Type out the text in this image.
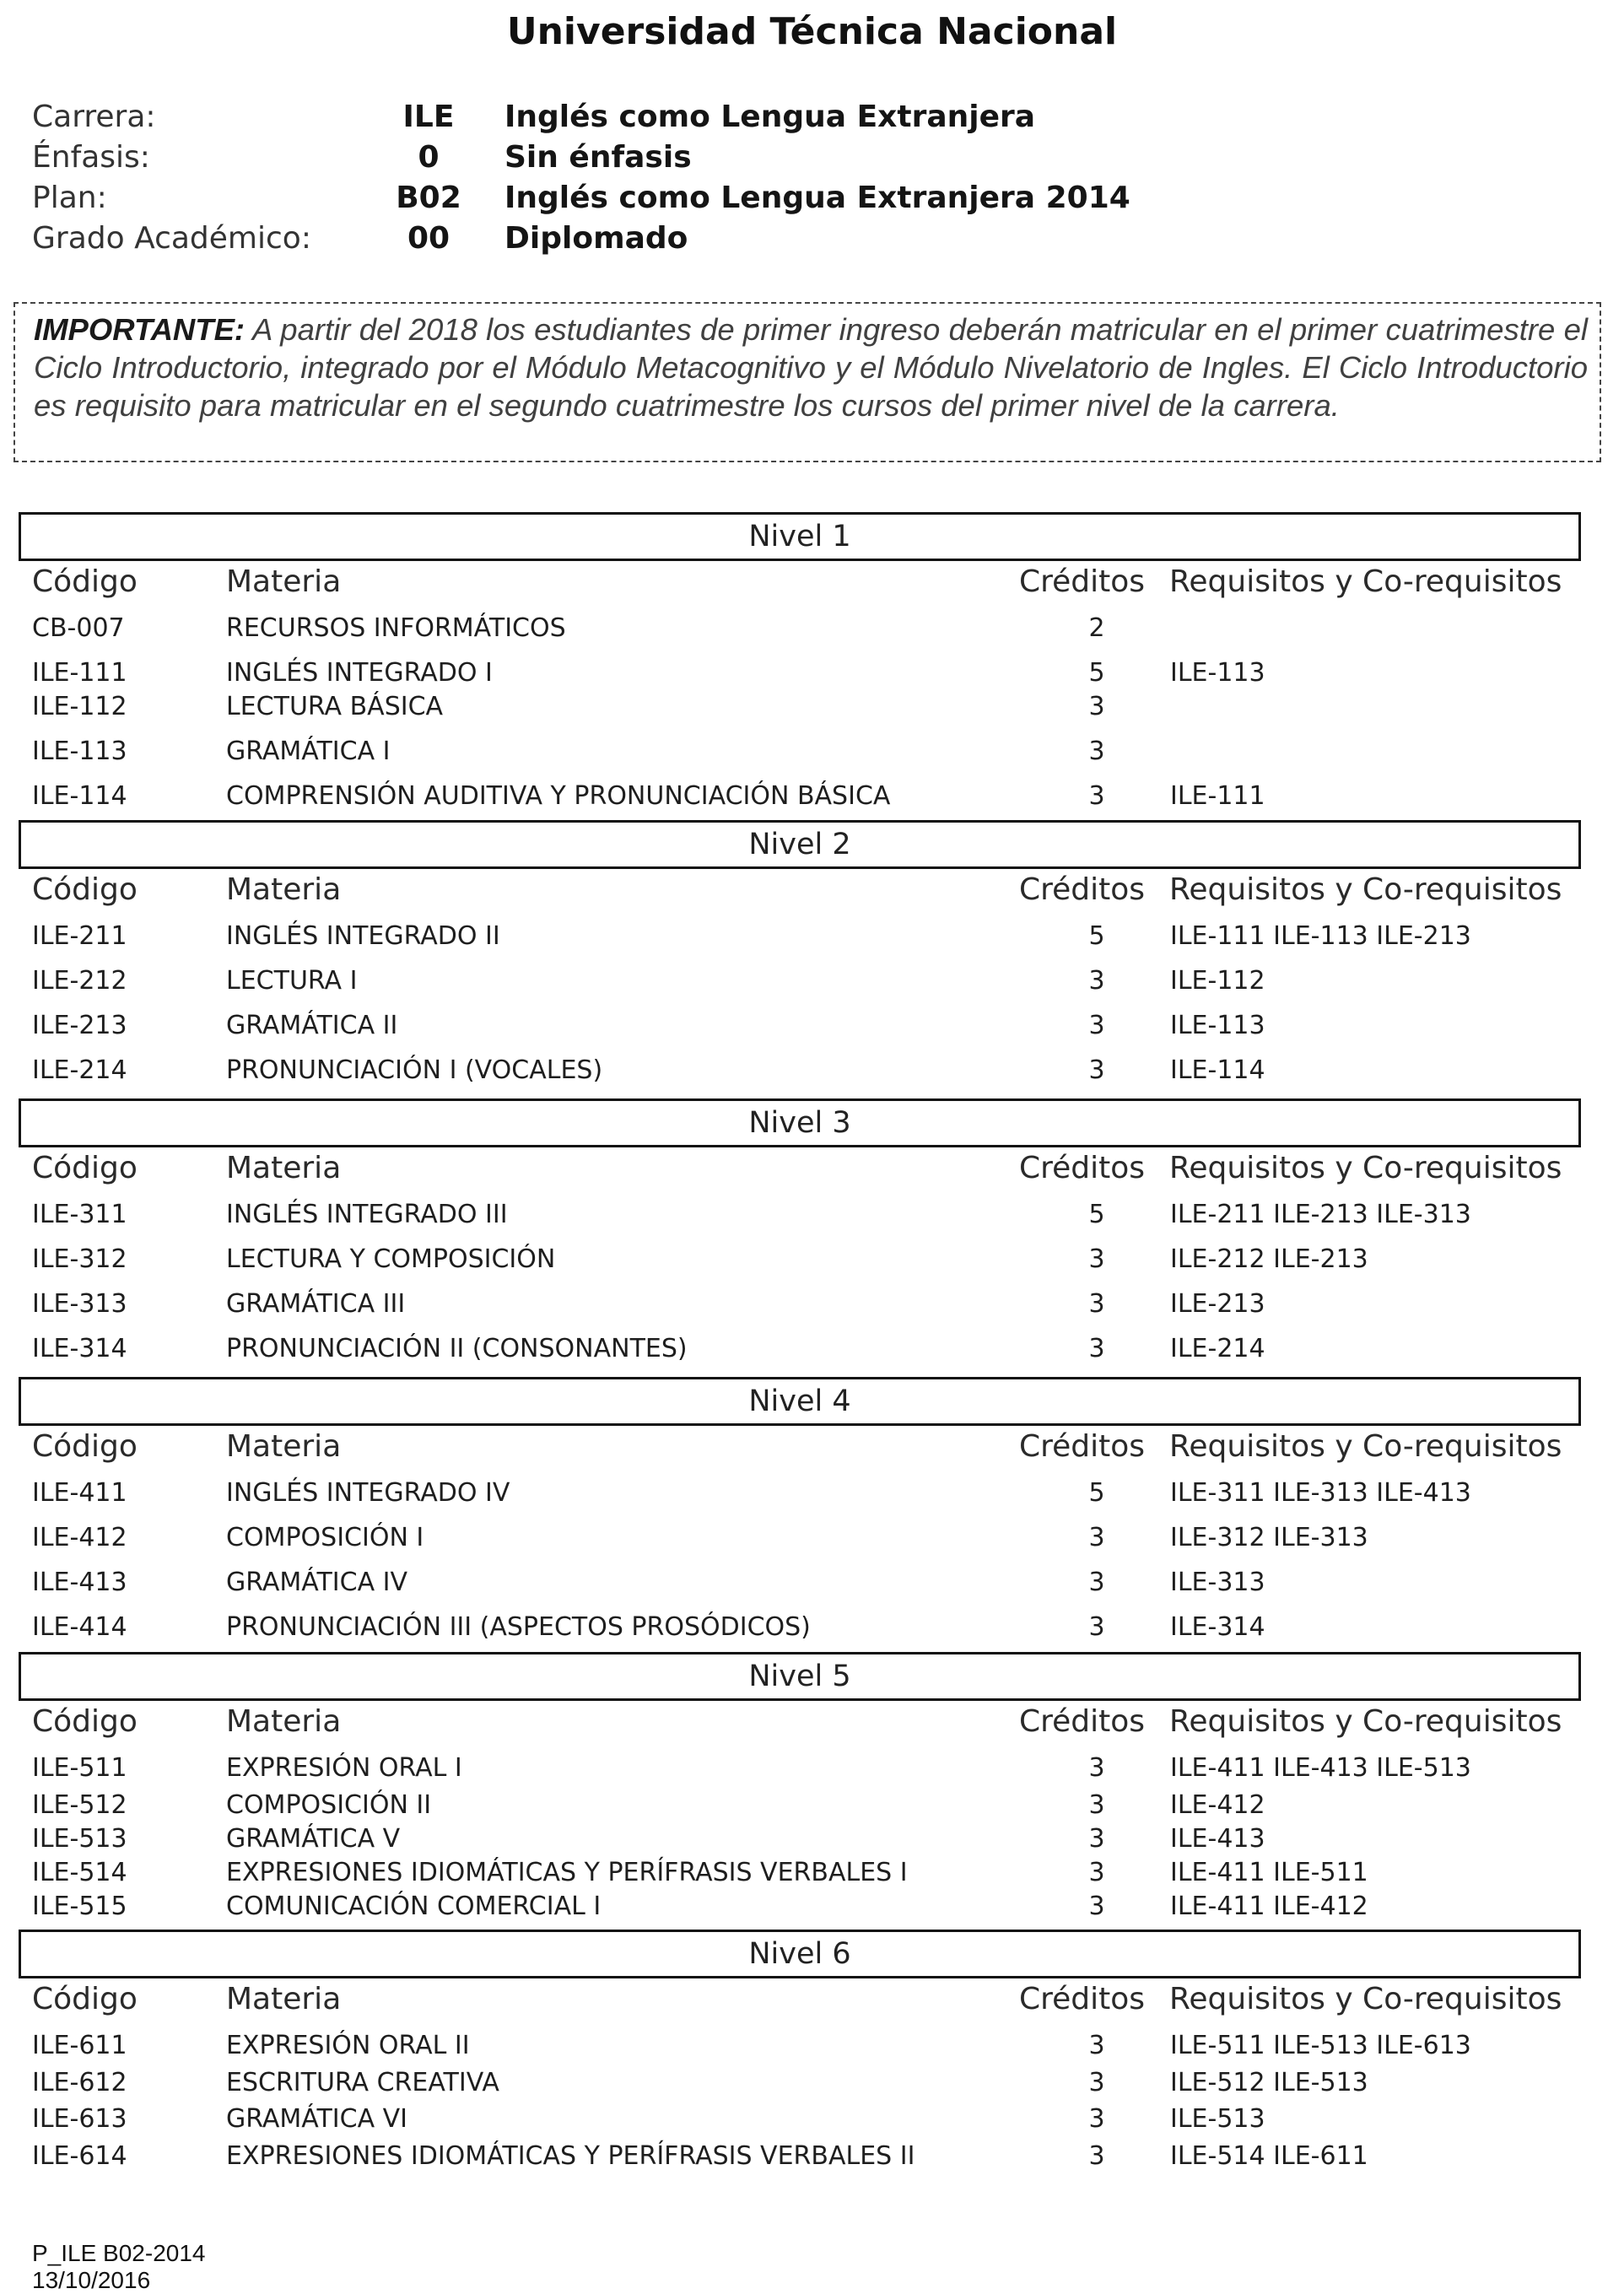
Universidad Técnica Nacional
Carrera:	ILE	Inglés como Lengua Extranjera
Énfasis:	0	Sin énfasis
Plan:	B02	Inglés como Lengua Extranjera 2014
Grado Académico:	00	Diplomado
IMPORTANTE: A partir del 2018 los estudiantes de primer ingreso deberán matricular en el primer cuatrimestre el Ciclo Introductorio, integrado por el Módulo Metacognitivo y el Módulo Nivelatorio de Ingles. El Ciclo Introductorio es requisito para matricular en el segundo cuatrimestre los cursos del primer nivel de la carrera.
Nivel 1
Código	Materia	Créditos Requisitos y Co-requisitos
CB-007	RECURSOS INFORMÁTICOS	2
ILE-111	INGLÉS INTEGRADO I	5	ILE-113
ILE-112	LECTURA BÁSICA	3
ILE-113	GRAMÁTICA I	3
ILE-114	COMPRENSIÓN AUDITIVA Y PRONUNCIACIÓN BÁSICA	3	ILE-111
Nivel 2
Código	Materia	Créditos Requisitos y Co-requisitos
ILE-211	INGLÉS INTEGRADO II	5	ILE-111 ILE-113 ILE-213
ILE-212	LECTURA I	3	ILE-112
ILE-213	GRAMÁTICA II	3	ILE-113
ILE-214	PRONUNCIACIÓN I (VOCALES)	3	ILE-114
Nivel 3
Código	Materia	Créditos Requisitos y Co-requisitos
ILE-311	INGLÉS INTEGRADO III	5	ILE-211 ILE-213 ILE-313
ILE-312	LECTURA Y COMPOSICIÓN	3	ILE-212 ILE-213
ILE-313	GRAMÁTICA III	3	ILE-213
ILE-314	PRONUNCIACIÓN II (CONSONANTES)	3	ILE-214
Nivel 4
Código	Materia	Créditos Requisitos y Co-requisitos
ILE-411	INGLÉS INTEGRADO IV	5	ILE-311 ILE-313 ILE-413
ILE-412	COMPOSICIÓN I	3	ILE-312 ILE-313
ILE-413	GRAMÁTICA IV	3	ILE-313
ILE-414	PRONUNCIACIÓN III (ASPECTOS PROSÓDICOS)	3	ILE-314
Nivel 5
Código	Materia	Créditos Requisitos y Co-requisitos
ILE-511	EXPRESIÓN ORAL I	3	ILE-411 ILE-413 ILE-513
ILE-512	COMPOSICIÓN II	3	ILE-412
ILE-513	GRAMÁTICA V	3	ILE-413
ILE-514	EXPRESIONES IDIOMÁTICAS Y PERÍFRASIS VERBALES I	3	ILE-411 ILE-511
ILE-515	COMUNICACIÓN COMERCIAL I	3	ILE-411 ILE-412
Nivel 6
Código	Materia	Créditos Requisitos y Co-requisitos
ILE-611	EXPRESIÓN ORAL II	3	ILE-511 ILE-513 ILE-613
ILE-612	ESCRITURA CREATIVA	3	ILE-512 ILE-513
ILE-613	GRAMÁTICA VI	3	ILE-513
ILE-614	EXPRESIONES IDIOMÁTICAS Y PERÍFRASIS VERBALES II	3	ILE-514 ILE-611
P_ILE B02-2014
13/10/2016
